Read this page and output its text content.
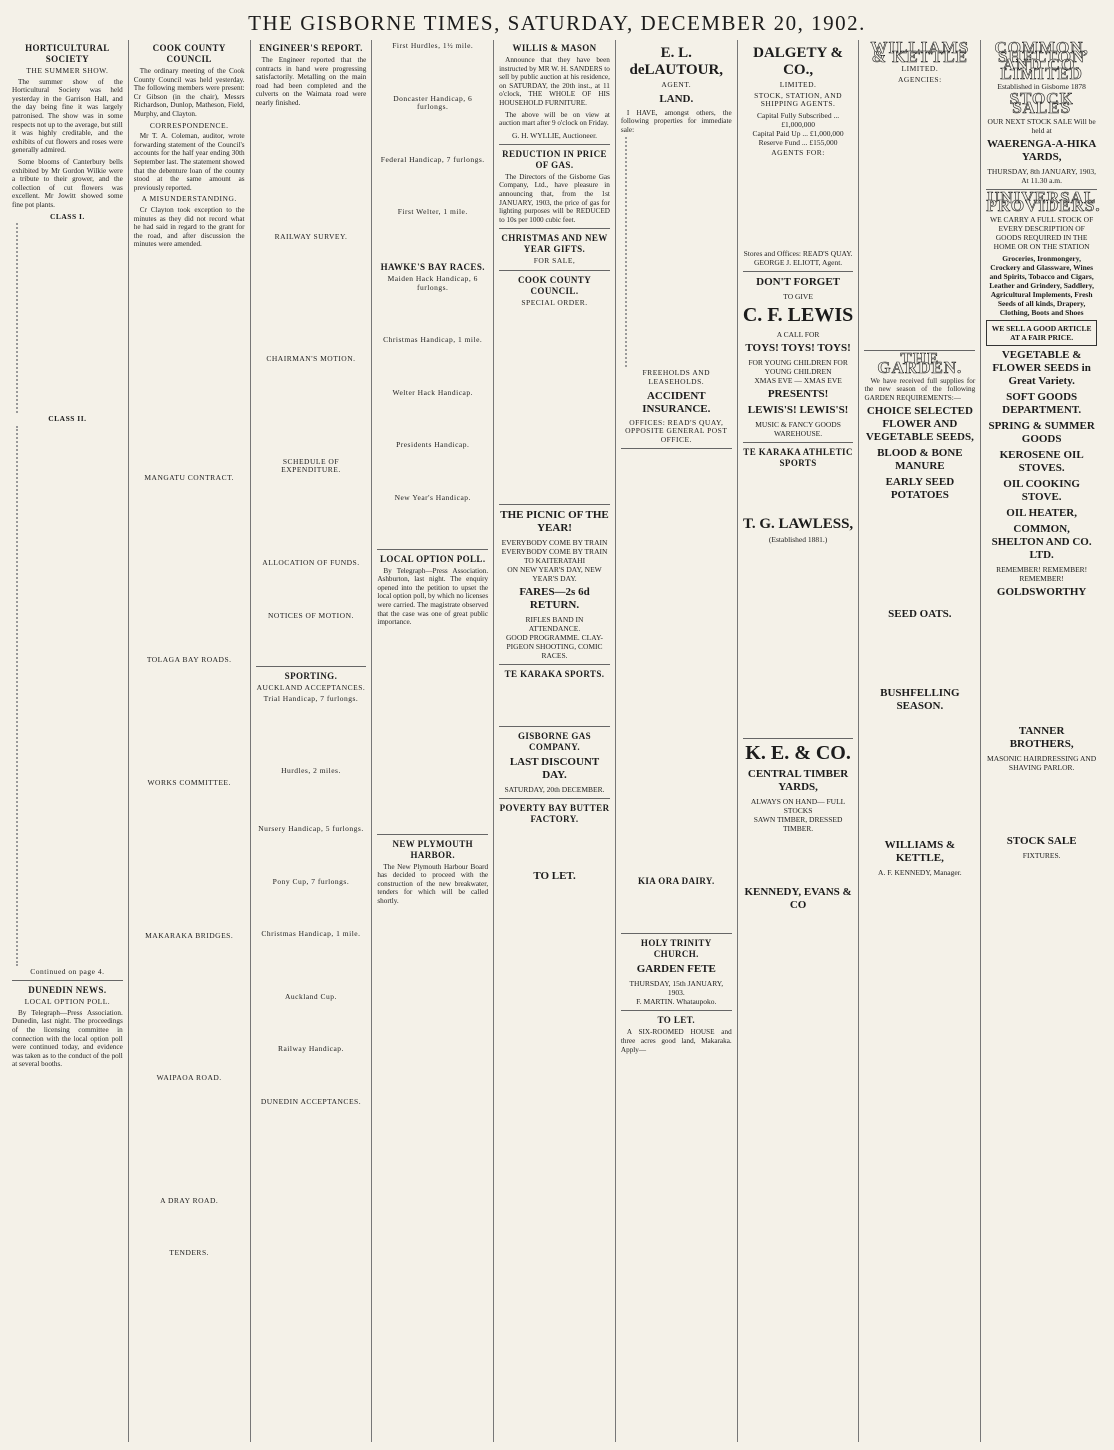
THE GISBORNE TIMES, SATURDAY, DECEMBER 20, 1902.
HORTICULTURAL SOCIETY
THE SUMMER SHOW.

The summer show of the Horticultural Society was held yesterday in the Garrison Hall, and the day being fine it was largely patronised. The show was in some respects not up to the average, but still it was highly creditable, and the exhibits of cut flowers and roses were generally admired.

Some blooms of Canterbury bells exhibited by Mr Gordon Wilkie were a tribute to their grower, and the collection of cut flowers was excellent. Mr Jowitt showed some fine pot plants.

CLASS I.
CLASS II.
Continued on page 4.
DUNEDIN NEWS.
LOCAL OPTION POLL.

By Telegraph—Press Association. Dunedin, last night. The proceedings of the licensing committee in connection with the local option poll were continued today, and evidence was taken as to the conduct of the poll at several booths.

COOK COUNTY COUNCIL

The ordinary meeting of the Cook County Council was held yesterday. The following members were present: Cr Gibson (in the chair), Messrs Richardson, Dunlop, Matheson, Field, Murphy, and Clayton.

CORRESPONDENCE.

Mr T. A. Coleman, auditor, wrote forwarding statement of the Council's accounts for the half year ending 30th September last. The statement showed that the debenture loan of the county stood at the same amount as previously reported.

A MISUNDERSTANDING.

Cr Clayton took exception to the minutes as they did not record what he had said in regard to the grant for the road, and after discussion the minutes were amended.

MANGATU CONTRACT.
TOLAGA BAY ROADS.
WORKS COMMITTEE.
MAKARAKA BRIDGES.
WAIPAOA ROAD.
A DRAY ROAD.
TENDERS.
ENGINEER'S REPORT.

The Engineer reported that the contracts in hand were progressing satisfactorily. Metalling on the main road had been completed and the culverts on the Waimata road were nearly finished.

RAILWAY SURVEY.
CHAIRMAN'S MOTION.
SCHEDULE OF EXPENDITURE.
ALLOCATION OF FUNDS.
NOTICES OF MOTION.
SPORTING.
AUCKLAND ACCEPTANCES.
Trial Handicap, 7 furlongs.
Hurdles, 2 miles.
Nursery Handicap, 5 furlongs.
Pony Cup, 7 furlongs.
Christmas Handicap, 1 mile.
Auckland Cup.
Railway Handicap.
DUNEDIN ACCEPTANCES.
First Hurdles, 1½ mile.
Doncaster Handicap, 6 furlongs.
Federal Handicap, 7 furlongs.
First Welter, 1 mile.
HAWKE'S BAY RACES.
Maiden Hack Handicap, 6 furlongs.
Christmas Handicap, 1 mile.
Welter Hack Handicap.
Presidents Handicap.
New Year's Handicap.
LOCAL OPTION POLL.

By Telegraph—Press Association. Ashburton, last night. The enquiry opened into the petition to upset the local option poll, by which no licenses were carried. The magistrate observed that the case was one of great public importance.

NEW PLYMOUTH HARBOR.

The New Plymouth Harbour Board has decided to proceed with the construction of the new breakwater, tenders for which will be called shortly.

WILLIS & MASON

Announce that they have been instructed by MR W. H. SANDERS to sell by public auction at his residence, on SATURDAY, the 20th inst., at 11 o'clock, THE WHOLE OF HIS HOUSEHOLD FURNITURE.

The above will be on view at auction mart after 9 o'clock on Friday.

G. H. WYLLIE, Auctioneer.
REDUCTION IN PRICE OF GAS.

The Directors of the Gisborne Gas Company, Ltd., have pleasure in announcing that, from the 1st JANUARY, 1903, the price of gas for lighting purposes will be REDUCED to 10s per 1000 cubic feet.

CHRISTMAS AND NEW YEAR GIFTS.
FOR SALE,
COOK COUNTY COUNCIL.
SPECIAL ORDER.
THE PICNIC OF THE YEAR!
EVERYBODY COME BY TRAIN EVERYBODY COME BY TRAIN TO KAITERATAHI
ON NEW YEAR'S DAY, NEW YEAR'S DAY.
FARES—2s 6d RETURN.
RIFLES BAND IN ATTENDANCE.
GOOD PROGRAMME. CLAY-PIGEON SHOOTING, COMIC RACES.
TE KARAKA SPORTS.
GISBORNE GAS COMPANY.
LAST DISCOUNT DAY.
SATURDAY, 20th DECEMBER.
POVERTY BAY BUTTER FACTORY.
TO LET.
E. L. deLAUTOUR,
AGENT.
LAND.

I HAVE, amongst others, the following properties for immediate sale:

FREEHOLDS AND LEASEHOLDS.
ACCIDENT INSURANCE.
OFFICES: READ'S QUAY, OPPOSITE GENERAL POST OFFICE.
KIA ORA DAIRY.
HOLY TRINITY CHURCH.
GARDEN FETE
THURSDAY, 15th JANUARY, 1903.
F. MARTIN. Whataupoko.
TO LET.

A SIX-ROOMED HOUSE and three acres good land, Makaraka. Apply—

DALGETY & CO.,
LIMITED.
STOCK, STATION, AND SHIPPING AGENTS.
Capital Fully Subscribed ... £1,000,000
Capital Paid Up ... £1,000,000
Reserve Fund ... £155,000
AGENTS FOR:
Stores and Offices: READ'S QUAY.
GEORGE J. ELIOTT, Agent.
DON'T FORGET
TO GIVE
C. F. LEWIS
A CALL FOR
TOYS! TOYS! TOYS!
FOR YOUNG CHILDREN FOR YOUNG CHILDREN
XMAS EVE — XMAS EVE
PRESENTS!
LEWIS'S! LEWIS'S!
MUSIC & FANCY GOODS WAREHOUSE.
TE KARAKA ATHLETIC SPORTS
T. G. LAWLESS,
(Established 1881.)
K. E. & CO.
CENTRAL TIMBER YARDS,
ALWAYS ON HAND— FULL STOCKS
SAWN TIMBER, DRESSED TIMBER.
KENNEDY, EVANS & CO
WILLIAMS & KETTLE
LIMITED.
AGENCIES:
THE GARDEN.

We have received full supplies for the new season of the following GARDEN REQUIREMENTS:—

CHOICE SELECTED FLOWER AND VEGETABLE SEEDS,
BLOOD & BONE MANURE
EARLY SEED POTATOES
SEED OATS.
BUSHFELLING SEASON.
WILLIAMS & KETTLE,
A. F. KENNEDY, Manager.
COMMON, SHELTON AND CO. LIMITED
Established in Gisborne 1878
STOCK SALES
OUR NEXT STOCK SALE Will be held at
WAERENGA-A-HIKA YARDS,
THURSDAY, 8th JANUARY, 1903, At 11.30 a.m.
UNIVERSAL PROVIDERS.
WE CARRY A FULL STOCK OF EVERY DESCRIPTION OF GOODS REQUIRED IN THE HOME OR ON THE STATION
Groceries, Ironmongery, Crockery and Glassware, Wines and Spirits, Tobacco and Cigars, Leather and Grindery, Saddlery, Agricultural Implements, Fresh Seeds of all kinds, Drapery, Clothing, Boots and Shoes
WE SELL A GOOD ARTICLE AT A FAIR PRICE.
VEGETABLE & FLOWER SEEDS in Great Variety.
SOFT GOODS DEPARTMENT.
SPRING & SUMMER GOODS
KEROSENE OIL STOVES.
OIL COOKING STOVE.
OIL HEATER,
COMMON, SHELTON AND CO. LTD.
REMEMBER! REMEMBER! REMEMBER!
GOLDSWORTHY
TANNER BROTHERS,
MASONIC HAIRDRESSING AND SHAVING PARLOR.
STOCK SALE
FIXTURES.
